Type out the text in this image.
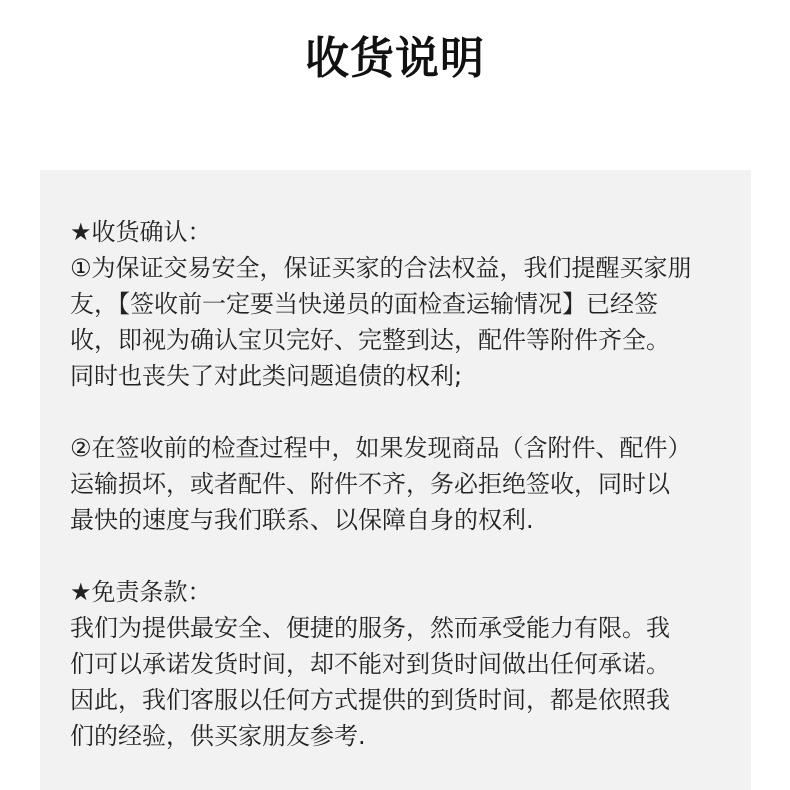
收货说明

★收货确认：

①为保证交易安全，保证买家的合法权益，我们提醒买家朋友，【签收前一定要当快递员的面检查运输情况】已经签收，即视为确认宝贝完好、完整到达，配件等附件齐全。同时也丧失了对此类问题追债的权利;

②在签收前的检查过程中，如果发现商品（含附件、配件）运输损坏，或者配件、附件不齐，务必拒绝签收，同时以最快的速度与我们联系、以保障自身的权利.

★免责条款：

我们为提供最安全、便捷的服务，然而承受能力有限。我们可以承诺发货时间，却不能对到货时间做出任何承诺。因此，我们客服以任何方式提供的到货时间，都是依照我们的经验，供买家朋友参考.
